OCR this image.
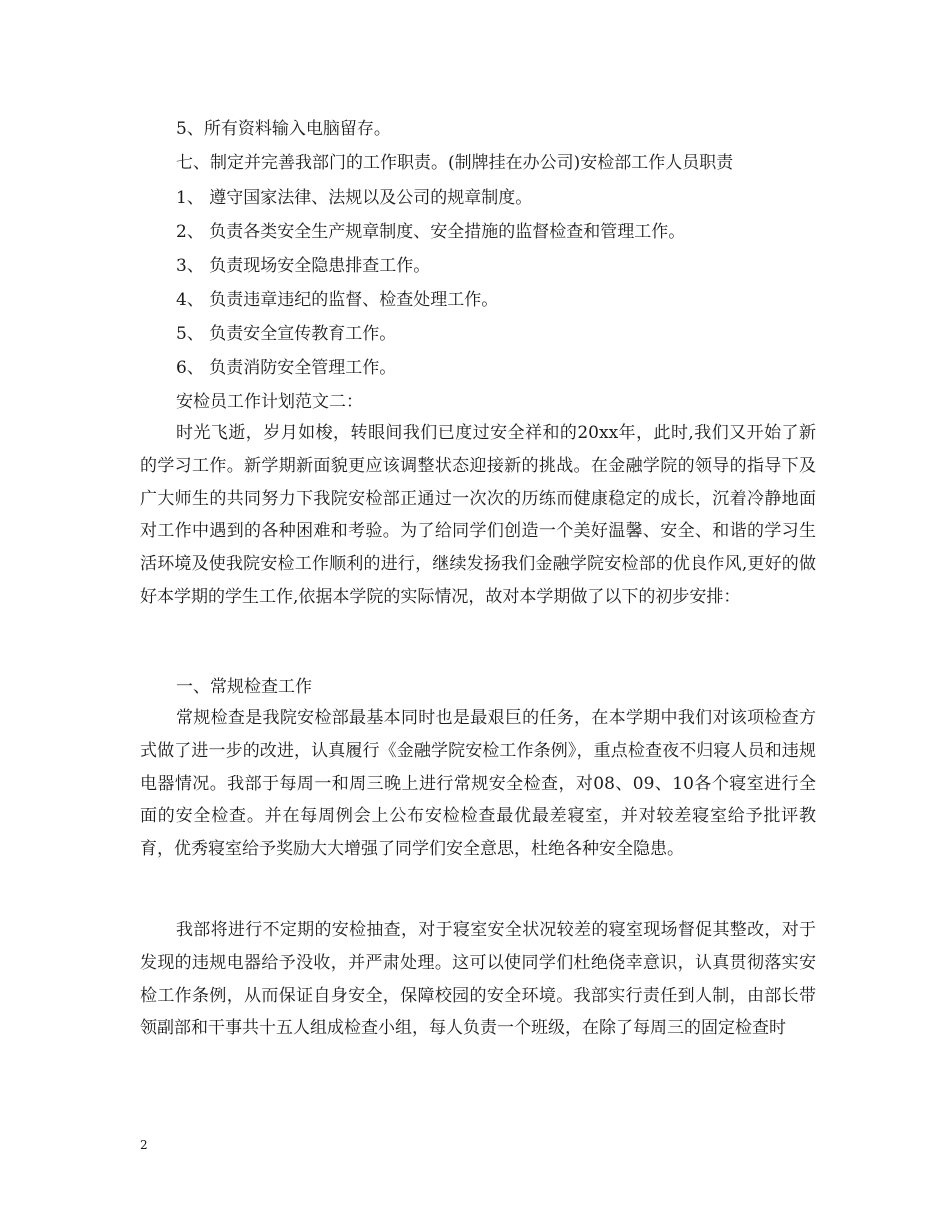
5、所有资料输入电脑留存。
七、制定并完善我部门的工作职责。(制牌挂在办公司)安检部工作人员职责
1、 遵守国家法律、法规以及公司的规章制度。
2、 负责各类安全生产规章制度、安全措施的监督检查和管理工作。
3、 负责现场安全隐患排查工作。
4、 负责违章违纪的监督、检查处理工作。
5、 负责安全宣传教育工作。
6、 负责消防安全管理工作。
安检员工作计划范文二：
时光飞逝，岁月如梭，转眼间我们已度过安全祥和的20xx年，此时,我们又开始了新的学习工作。新学期新面貌更应该调整状态迎接新的挑战。在金融学院的领导的指导下及广大师生的共同努力下我院安检部正通过一次次的历练而健康稳定的成长，沉着冷静地面对工作中遇到的各种困难和考验。为了给同学们创造一个美好温馨、安全、和谐的学习生活环境及使我院安检工作顺利的进行，继续发扬我们金融学院安检部的优良作风,更好的做好本学期的学生工作,依据本学院的实际情况，故对本学期做了以下的初步安排：
一、常规检查工作
常规检查是我院安检部最基本同时也是最艰巨的任务，在本学期中我们对该项检查方式做了进一步的改进，认真履行《金融学院安检工作条例》，重点检查夜不归寝人员和违规电器情况。我部于每周一和周三晚上进行常规安全检查，对08、09、10各个寝室进行全面的安全检查。并在每周例会上公布安检检查最优最差寝室，并对较差寝室给予批评教育，优秀寝室给予奖励大大增强了同学们安全意思，杜绝各种安全隐患。
我部将进行不定期的安检抽查，对于寝室安全状况较差的寝室现场督促其整改，对于发现的违规电器给予没收，并严肃处理。这可以使同学们杜绝侥幸意识，认真贯彻落实安检工作条例，从而保证自身安全，保障校园的安全环境。我部实行责任到人制，由部长带领副部和干事共十五人组成检查小组，每人负责一个班级，在除了每周三的固定检查时
2
